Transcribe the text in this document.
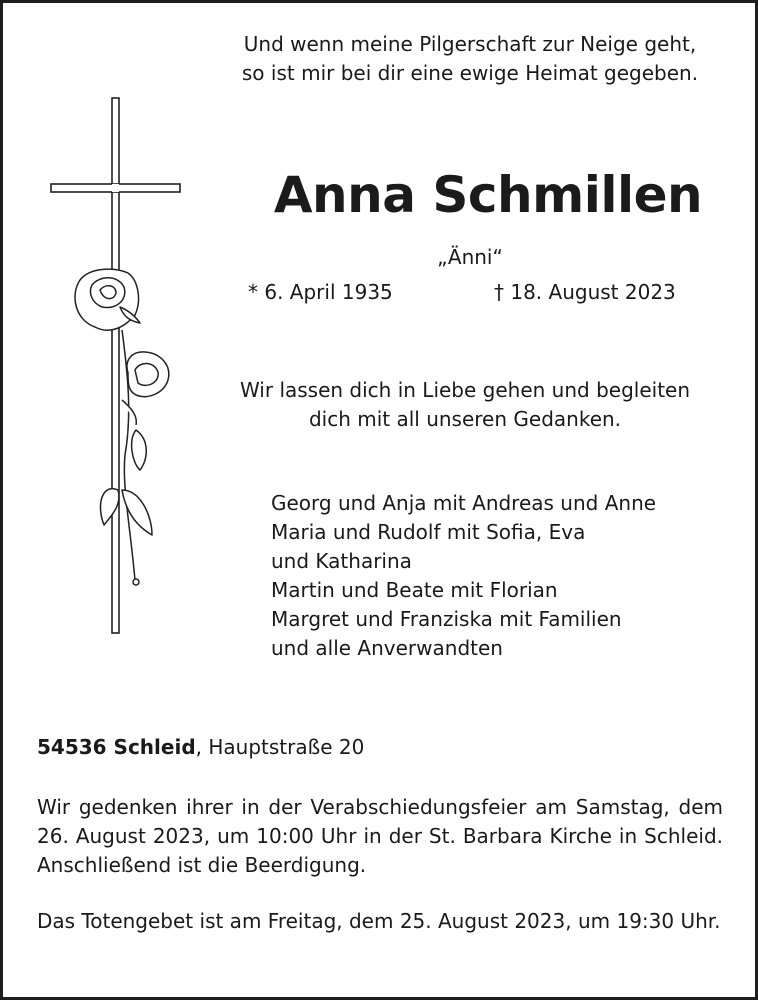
Und wenn meine Pilgerschaft zur Neige geht,
so ist mir bei dir eine ewige Heimat gegeben.
Anna Schmillen
„Änni“
* 6. April 1935	† 18. August 2023
Wir lassen dich in Liebe gehen und begleiten
dich mit all unseren Gedanken.
Georg und Anja mit Andreas und Anne
Maria und Rudolf mit Sofia, Eva
und Katharina
Martin und Beate mit Florian
Margret und Franziska mit Familien
und alle Anverwandten
54536 Schleid, Hauptstraße 20
Wir gedenken ihrer in der Verabschiedungsfeier am Samstag, dem 26. August 2023, um 10:00 Uhr in der St. Barbara Kirche in Schleid. Anschließend ist die Beerdigung.
Das Totengebet ist am Freitag, dem 25. August 2023, um 19:30 Uhr.
